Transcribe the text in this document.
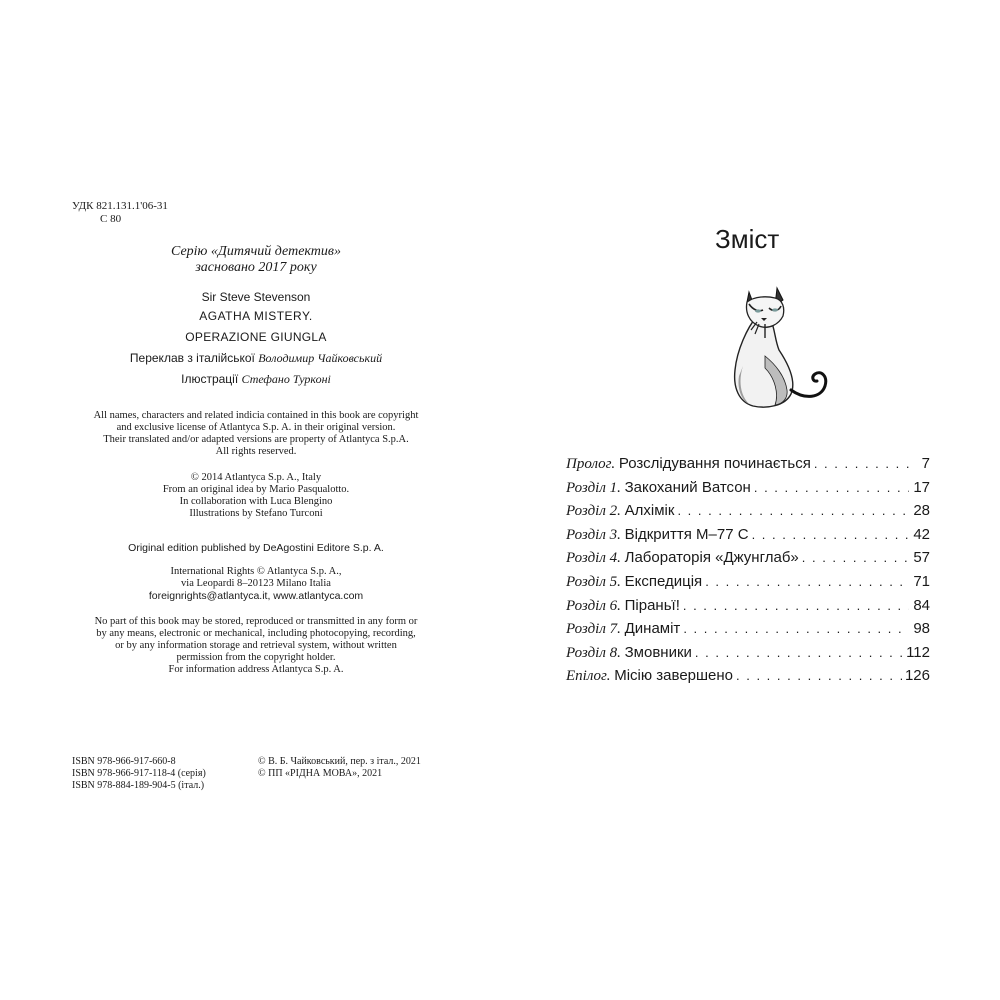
УДК 821.131.1'06-31
С 80
Серію «Дитячий детектив»
засновано 2017 року
Sir Steve Stevenson
AGATHA MISTERY.
OPERAZIONE GIUNGLA
Переклав з італійської Володимир Чайковський
Ілюстрації Стефано Турконі
All names, characters and related indicia contained in this book are copyright
and exclusive license of Atlantyca S.p. A. in their original version.
Their translated and/or adapted versions are property of Atlantyca S.p.A.
All rights reserved.
© 2014 Atlantyca S.p. A., Italy
From an original idea by Mario Pasqualotto.
In collaboration with Luca Blengino
Illustrations by Stefano Turconi
Original edition published by DeAgostini Editore S.p. A.
International Rights © Atlantyca S.p. A.,
via Leopardi 8–20123 Milano Italia
foreignrights@atlantyca.it, www.atlantyca.com
No part of this book may be stored, reproduced or transmitted in any form or
by any means, electronic or mechanical, including photocopying, recording,
or by any information storage and retrieval system, without written
permission from the copyright holder.
For information address Atlantyca S.p. A.
ISBN 978-966-917-660-8
ISBN 978-966-917-118-4 (серія)
ISBN 978-884-189-904-5 (італ.)
© В. Б. Чайковський, пер. з італ., 2021
© ПП «РІДНА МОВА», 2021
Зміст
Пролог. Розслідування починається . . .	7
Розділ 1. Закоханий Ватсон . . .	17
Розділ 2. Алхімік . . .	28
Розділ 3. Відкриття М–77 С . . .	42
Розділ 4. Лабораторія «Джунглаб» . . .	57
Розділ 5. Експедиція . . .	71
Розділ 6. Піраньї! . . .	84
Розділ 7. Динаміт . . .	98
Розділ 8. Змовники . . .	112
Епілог. Місію завершено . . .	126
